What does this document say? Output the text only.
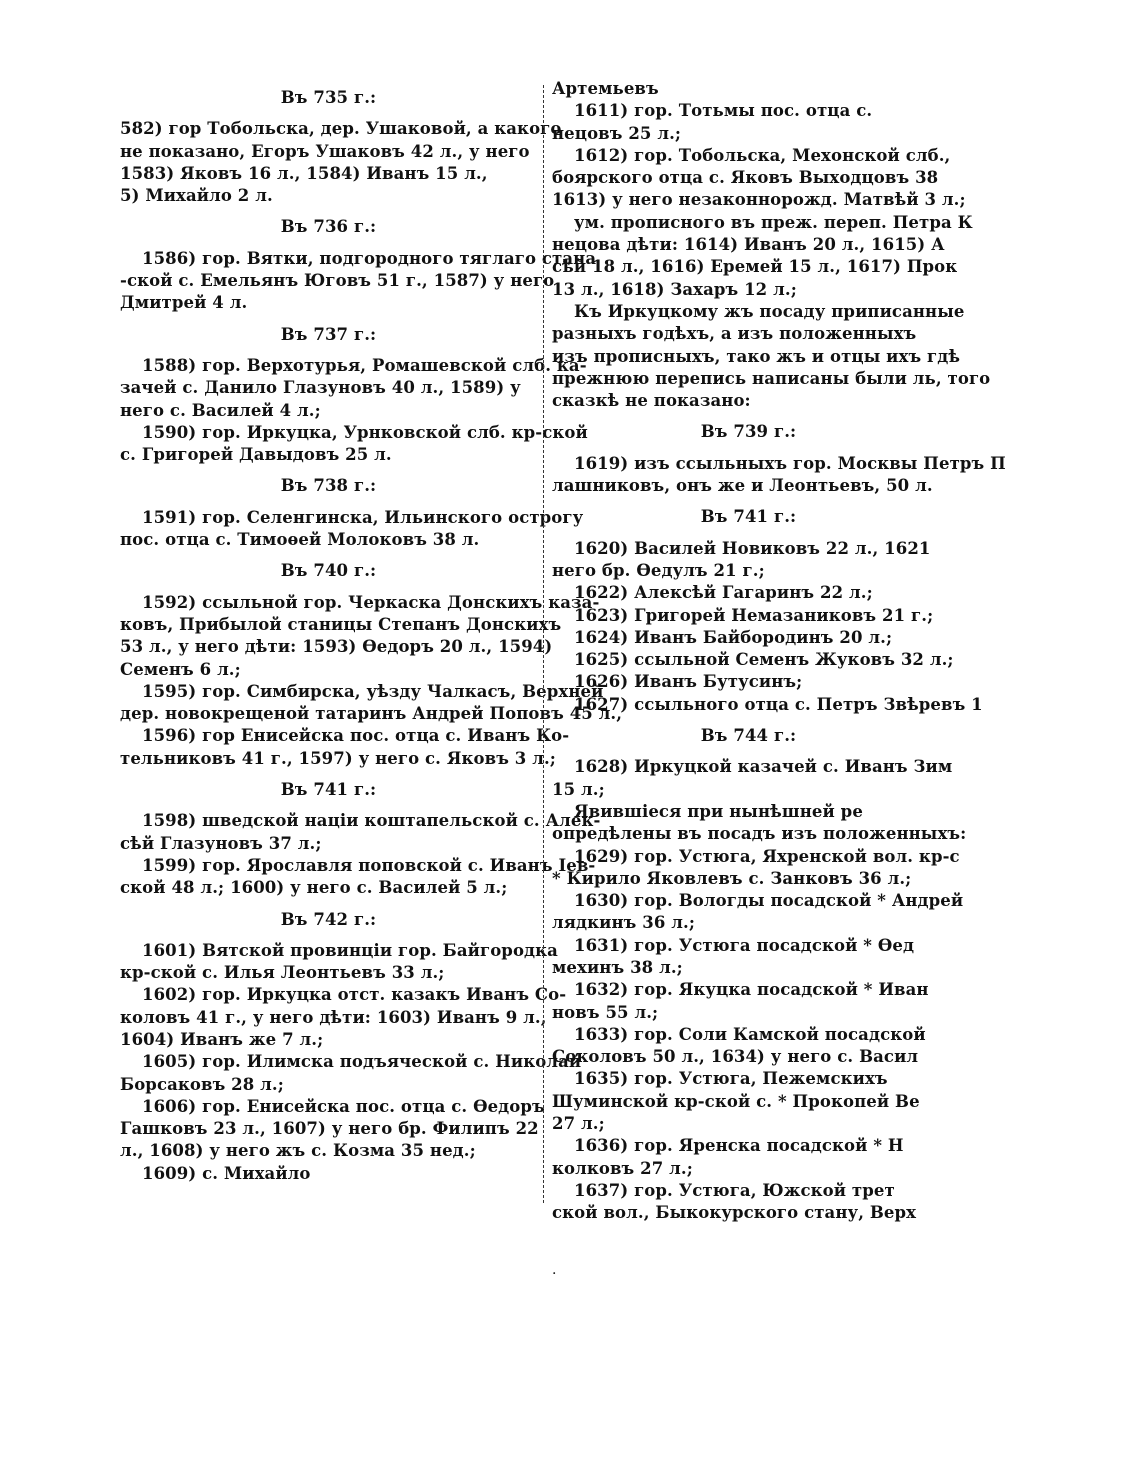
Въ 735 г.:
582) гор Тобольска, дер. Ушаковой, а какого
не показано, Егоръ Ушаковъ 42 л., у него
1583) Яковъ 16 л., 1584) Иванъ 15 л.,
5) Михайло 2 л.
Въ 736 г.:
1586) гор. Вятки, подгородного тяглаго стана
-ской с. Емельянъ Юговъ 51 г., 1587) у него
Дмитрей 4 л.
Въ 737 г.:
1588) гор. Верхотурья, Ромашевской слб. ка-
зачей с. Данило Глазуновъ 40 л., 1589) у
него с. Василей 4 л.;
1590) гор. Иркуцка, Урнковской слб. кр-ской
с. Григорей Давыдовъ 25 л.
Въ 738 г.:
1591) гор. Селенгинска, Ильинского острогу
пос. отца с. Тимоѳей Молоковъ 38 л.
Въ 740 г.:
1592) ссыльной гор. Черкаска Донскихъ каза-
ковъ, Прибылой станицы Степанъ Донскихъ
53 л., у него дѣти: 1593) Ѳедоръ 20 л., 1594)
Семенъ 6 л.;
1595) гор. Симбирска, уѣзду Чалкасъ, Верхней
дер. новокрещеной татаринъ Андрей Поповъ 45 л.,
1596) гор Енисейска пос. отца с. Иванъ Ко-
тельниковъ 41 г., 1597) у него с. Яковъ 3 л.;
Въ 741 г.:
1598) шведской націи коштапельской с. Алек-
сѣй Глазуновъ 37 л.;
1599) гор. Ярославля поповской с. Иванъ Іев-
ской 48 л.; 1600) у него с. Василей 5 л.;
Въ 742 г.:
1601) Вятской провинціи гор. Байгородка
кр-ской с. Илья Леонтьевъ 33 л.;
1602) гор. Иркуцка отст. казакъ Иванъ Со-
коловъ 41 г., у него дѣти: 1603) Иванъ 9 л.,
1604) Иванъ же 7 л.;
1605) гор. Илимска подъячеcкой с. Николай
Борсаковъ 28 л.;
1606) гор. Енисейска пос. отца с. Ѳедоръ
Гашковъ 23 л., 1607) у него бр. Филипъ 22
л., 1608) у него жъ с. Козма 35 нед.;
1609) с. Михайло
Артемьевъ
1611) гор. Тотьмы пос. отца с.
нецовъ 25 л.;
1612) гор. Тобольска, Мехонской слб.,
боярского отца с. Яковъ Выходцовъ 38
1613) у него незаконнорожд. Матвѣй 3 л.;
ум. прописного въ преж. переп. Петра К
нецова дѣти: 1614) Иванъ 20 л., 1615) А
сѣй 18 л., 1616) Еремей 15 л., 1617) Прок
13 л., 1618) Захаръ 12 л.;
Къ Иркуцкому жъ посаду приписанные
разныхъ годѣхъ, а изъ положенныхъ
изъ прописныхъ, тако жъ и отцы ихъ гдѣ
прежнюю перепись написаны были ль, того
сказкѣ не показано:
Въ 739 г.:
1619) изъ ссыльныхъ гор. Москвы Петръ П
лашниковъ, онъ же и Леонтьевъ, 50 л.
Въ 741 г.:
1620) Василей Новиковъ 22 л., 1621
него бр. Ѳедулъ 21 г.;
1622) Алексѣй Гагаринъ 22 л.;
1623) Григорей Немазаниковъ 21 г.;
1624) Иванъ Байбородинъ 20 л.;
1625) ссыльной Семенъ Жуковъ 32 л.;
1626) Иванъ Бутусинъ;
1627) ссыльного отца с. Петръ Звѣревъ 1
Въ 744 г.:
1628) Иркуцкой казачей с. Иванъ Зим
15 л.;
Явившіеся при нынѣшней ре
опредѣлены въ посадъ изъ положенныхъ:
1629) гор. Устюга, Яхренской вол. кр-с
* Кирило Яковлевъ с. Занковъ 36 л.;
1630) гор. Вологды посадской * Андрей
лядкинъ 36 л.;
1631) гор. Устюга посадской * Ѳед
мехинъ 38 л.;
1632) гор. Якуцка посадской * Иван
новъ 55 л.;
1633) гор. Соли Камской посадской
Соколовъ 50 л., 1634) у него с. Васил
1635) гор. Устюга, Пежемскихъ
Шуминской кр-ской с. * Прокопей Ве
27 л.;
1636) гор. Яренска посадской * Н
колковъ 27 л.;
1637) гор. Устюга, Южской трет
ской вол., Быкокурского стану, Верх
·
